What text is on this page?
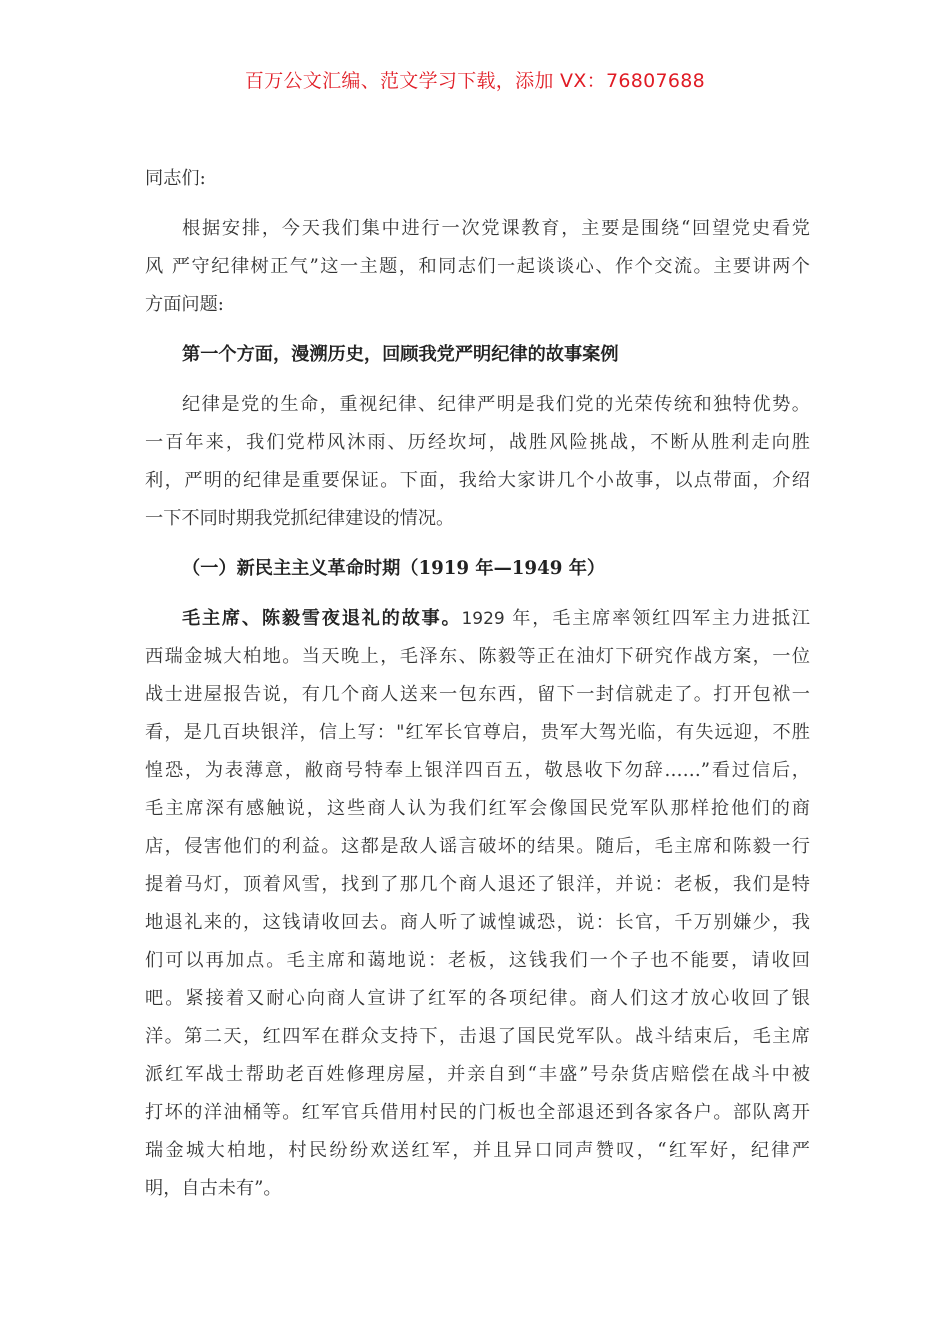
百万公文汇编、范文学习下载，添加 VX：76807688
同志们:
根据安排，今天我们集中进行一次党课教育，主要是围绕“回望党史看党
风 严守纪律树正气”这一主题，和同志们一起谈谈心、作个交流。主要讲两个
方面问题:
第一个方面，漫溯历史，回顾我党严明纪律的故事案例
纪律是党的生命，重视纪律、纪律严明是我们党的光荣传统和独特优势。
一百年来，我们党栉风沐雨、历经坎坷，战胜风险挑战，不断从胜利走向胜
利，严明的纪律是重要保证。下面，我给大家讲几个小故事，以点带面，介绍
一下不同时期我党抓纪律建设的情况。
（一）新民主主义革命时期（1919 年—1949 年）
毛主席、陈毅雪夜退礼的故事。1929 年，毛主席率领红四军主力进抵江
西瑞金城大柏地。当天晚上，毛泽东、陈毅等正在油灯下研究作战方案，一位
战士进屋报告说，有几个商人送来一包东西，留下一封信就走了。打开包袱一
看，是几百块银洋，信上写："红军长官尊启，贵军大驾光临，有失远迎，不胜
惶恐，为表薄意，敝商号特奉上银洋四百五，敬恳收下勿辞……”看过信后，
毛主席深有感触说，这些商人认为我们红军会像国民党军队那样抢他们的商
店，侵害他们的利益。这都是敌人谣言破坏的结果。随后，毛主席和陈毅一行
提着马灯，顶着风雪，找到了那几个商人退还了银洋，并说：老板，我们是特
地退礼来的，这钱请收回去。商人听了诚惶诚恐，说：长官，千万别嫌少，我
们可以再加点。毛主席和蔼地说：老板，这钱我们一个子也不能要，请收回
吧。紧接着又耐心向商人宣讲了红军的各项纪律。商人们这才放心收回了银
洋。第二天，红四军在群众支持下，击退了国民党军队。战斗结束后，毛主席
派红军战士帮助老百姓修理房屋，并亲自到“丰盛”号杂货店赔偿在战斗中被
打坏的洋油桶等。红军官兵借用村民的门板也全部退还到各家各户。部队离开
瑞金城大柏地，村民纷纷欢送红军，并且异口同声赞叹，“红军好，纪律严
明，自古未有”。
